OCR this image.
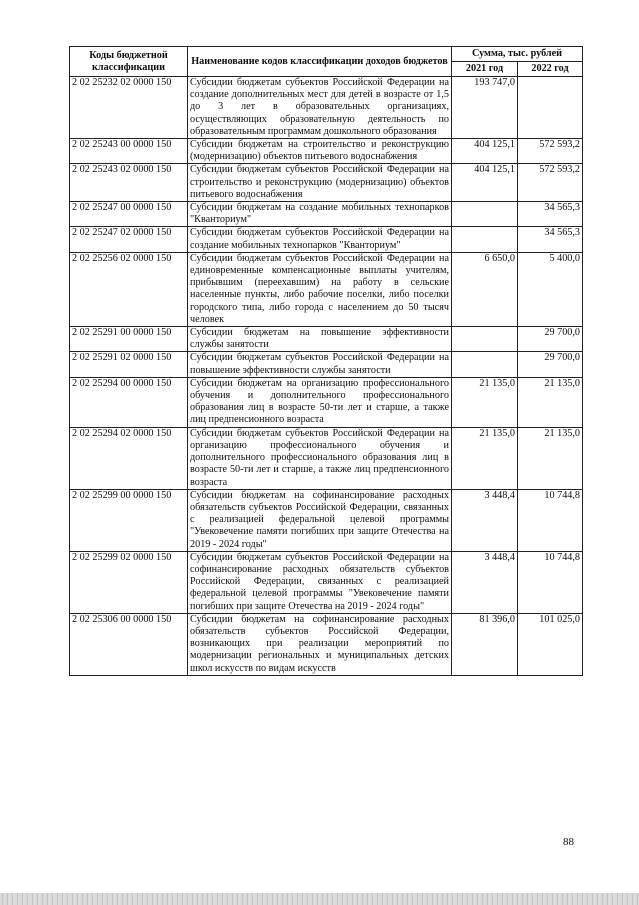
Коды бюджетной классификации	Наименование кодов классификации доходов бюджетов	Сумма, тыс. рублей	
		2021 год	2022 год
2 02 25232 02 0000 150	Субсидии бюджетам субъектов Российской Федерации на создание дополнительных мест для детей в возрасте от 1,5 до 3 лет в образовательных организациях, осуществляющих образовательную деятельность по образовательным программам дошкольного образования	193 747,0	
2 02 25243 00 0000 150	Субсидии бюджетам на строительство и реконструкцию (модернизацию) объектов питьевого водоснабжения	404 125,1	572 593,2
2 02 25243 02 0000 150	Субсидии бюджетам субъектов Российской Федерации на строительство и реконструкцию (модернизацию) объектов питьевого водоснабжения	404 125,1	572 593,2
2 02 25247 00 0000 150	Субсидии бюджетам на создание мобильных технопарков "Кванториум"		34 565,3
2 02 25247 02 0000 150	Субсидии бюджетам субъектов Российской Федерации на создание мобильных технопарков "Кванториум"		34 565,3
2 02 25256 02 0000 150	Субсидии бюджетам субъектов Российской Федерации на единовременные компенсационные выплаты учителям, прибывшим (переехавшим) на работу в сельские населенные пункты, либо рабочие поселки, либо поселки городского типа, либо города с населением до 50 тысяч человек	6 650,0	5 400,0
2 02 25291 00 0000 150	Субсидии бюджетам на повышение эффективности службы занятости		29 700,0
2 02 25291 02 0000 150	Субсидии бюджетам субъектов Российской Федерации на повышение эффективности службы занятости		29 700,0
2 02 25294 00 0000 150	Субсидии бюджетам на организацию профессионального обучения и дополнительного профессионального образования лиц в возрасте 50-ти лет и старше, а также лиц предпенсионного возраста	21 135,0	21 135,0
2 02 25294 02 0000 150	Субсидии бюджетам субъектов Российской Федерации на организацию профессионального обучения и дополнительного профессионального образования лиц в возрасте 50-ти лет и старше, а также лиц предпенсионного возраста	21 135,0	21 135,0
2 02 25299 00 0000 150	Субсидии бюджетам на софинансирование расходных обязательств субъектов Российской Федерации, связанных с реализацией федеральной целевой программы "Увековечение памяти погибших при защите Отечества на 2019 - 2024 годы"	3 448,4	10 744,8
2 02 25299 02 0000 150	Субсидии бюджетам субъектов Российской Федерации на софинансирование расходных обязательств субъектов Российской Федерации, связанных с реализацией федеральной целевой программы "Увековечение памяти погибших при защите Отечества на 2019 - 2024 годы"	3 448,4	10 744,8
2 02 25306 00 0000 150	Субсидии бюджетам на софинансирование расходных обязательств субъектов Российской Федерации, возникающих при реализации мероприятий по модернизации региональных и муниципальных детских школ искусств по видам искусств	81 396,0	101 025,0
88
